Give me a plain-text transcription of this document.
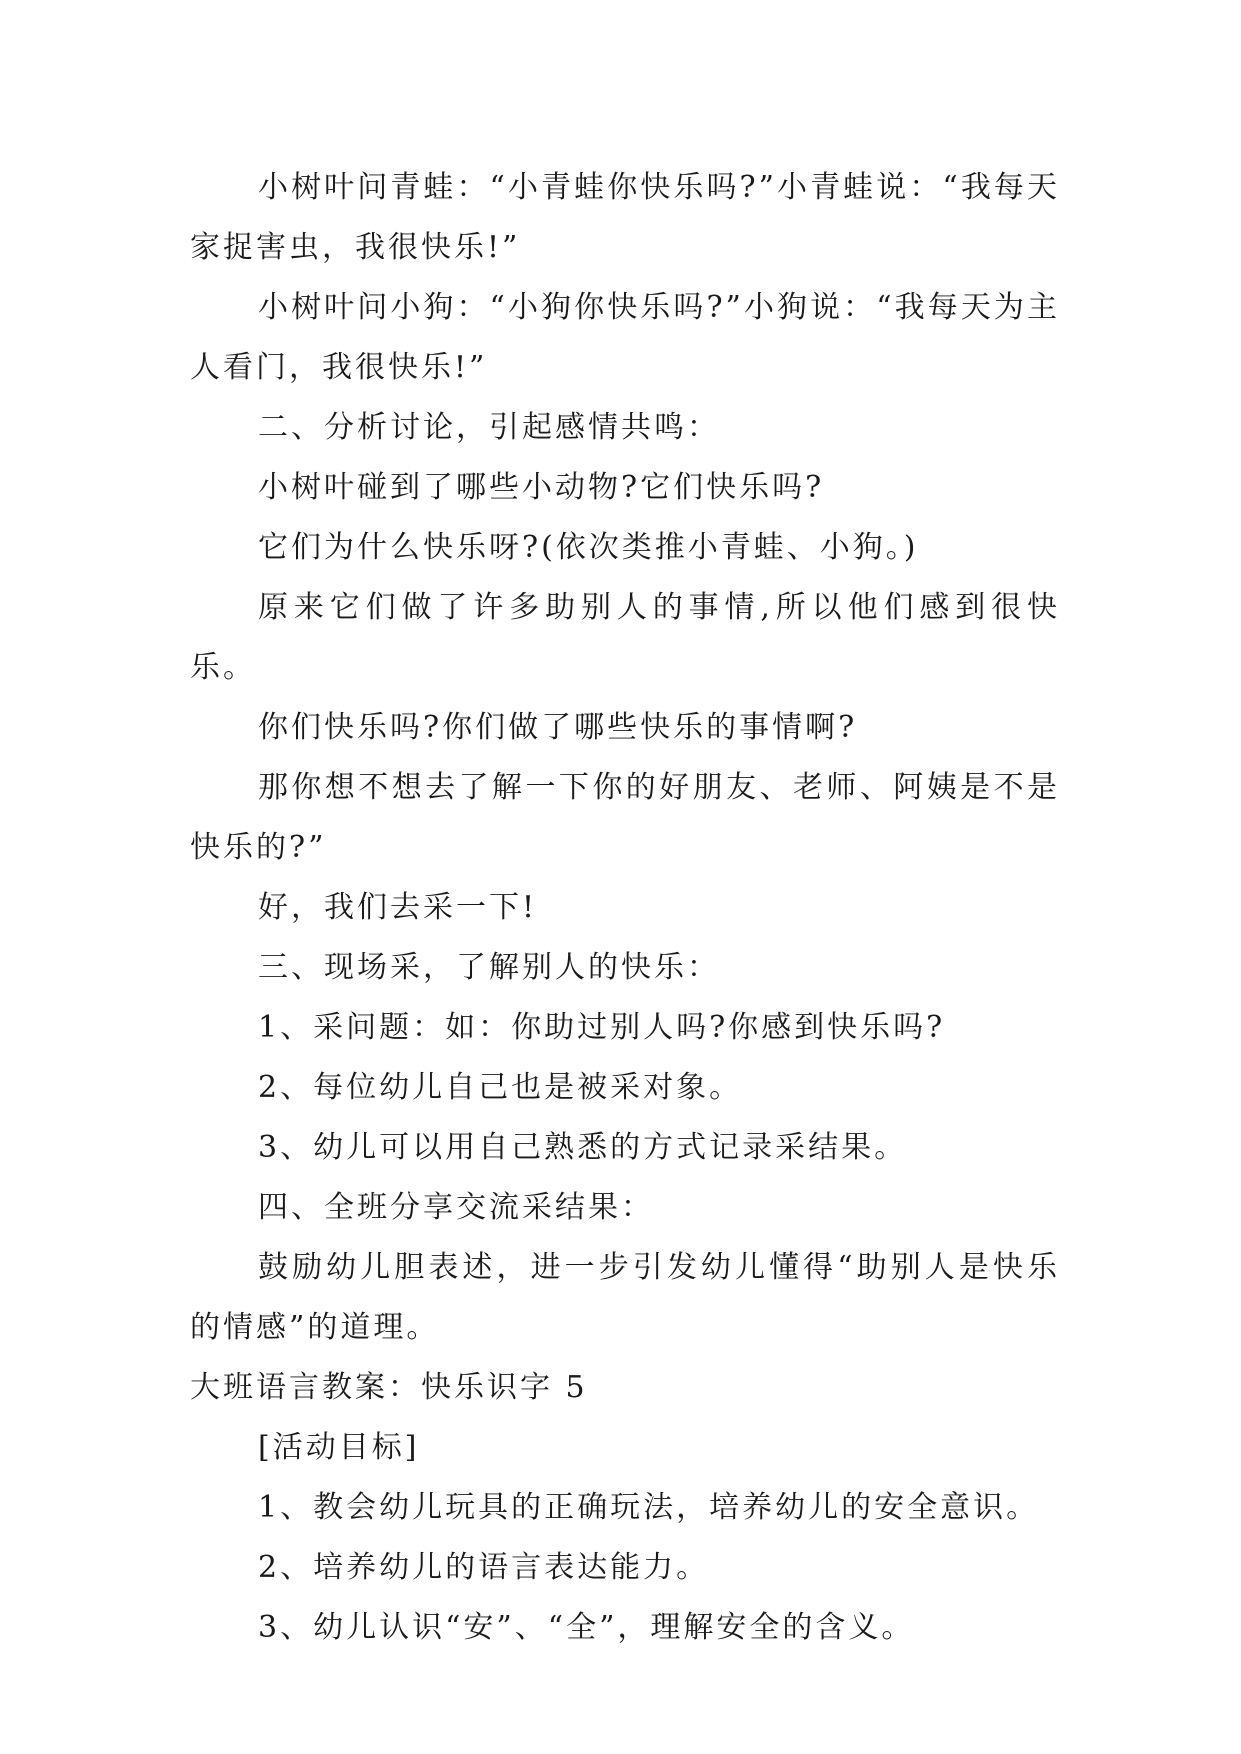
小树叶问青蛙：“小青蛙你快乐吗?”小青蛙说：“我每天家捉害虫，我很快乐!”

小树叶问小狗：“小狗你快乐吗?”小狗说：“我每天为主人看门，我很快乐!”

二、分析讨论，引起感情共鸣：

小树叶碰到了哪些小动物?它们快乐吗?

它们为什么快乐呀?(依次类推小青蛙、小狗。)

原来它们做了许多助别人的事情,所以他们感到很快乐。

你们快乐吗?你们做了哪些快乐的事情啊?

那你想不想去了解一下你的好朋友、老师、阿姨是不是快乐的?”

好，我们去采一下!

三、现场采，了解别人的快乐：

1、采问题：如：你助过别人吗?你感到快乐吗?

2、每位幼儿自己也是被采对象。

3、幼儿可以用自己熟悉的方式记录采结果。

四、全班分享交流采结果：

鼓励幼儿胆表述，进一步引发幼儿懂得“助别人是快乐的情感”的道理。

大班语言教案：快乐识字 5

[活动目标]

1、教会幼儿玩具的正确玩法，培养幼儿的安全意识。

2、培养幼儿的语言表达能力。

3、幼儿认识“安”、“全”，理解安全的含义。
